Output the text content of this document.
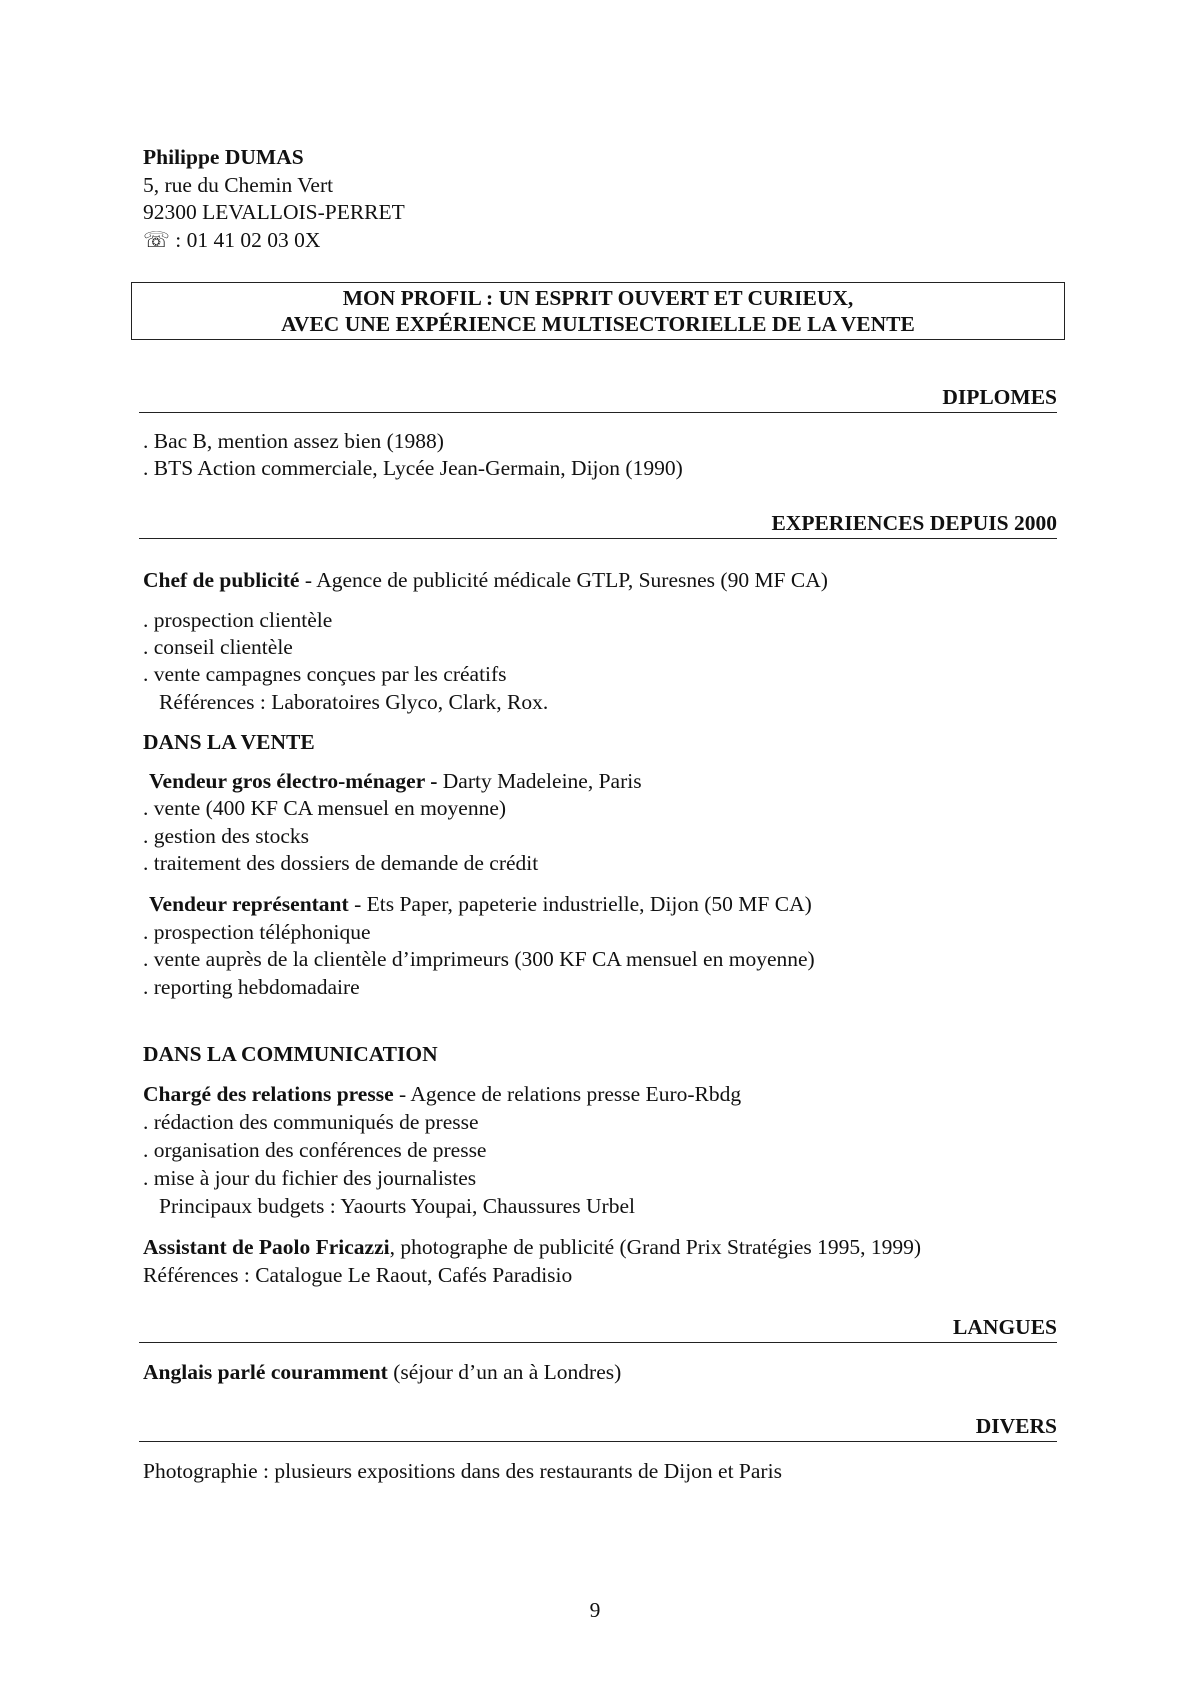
Philippe DUMAS
5, rue du Chemin Vert
92300 LEVALLOIS-PERRET
☏ : 01 41 02 03 0X
MON PROFIL : UN ESPRIT OUVERT ET CURIEUX,
AVEC UNE EXPÉRIENCE MULTISECTORIELLE DE LA VENTE
DIPLOMES
. Bac B, mention assez bien (1988)
. BTS Action commerciale, Lycée Jean-Germain, Dijon (1990)
EXPERIENCES DEPUIS 2000
Chef de publicité - Agence de publicité médicale GTLP, Suresnes (90 MF CA)
. prospection clientèle
. conseil clientèle
. vente campagnes conçues par les créatifs
Références : Laboratoires Glyco, Clark, Rox.
DANS LA VENTE
Vendeur gros électro-ménager - Darty Madeleine, Paris
. vente (400 KF CA mensuel en moyenne)
. gestion des stocks
. traitement des dossiers de demande de crédit
Vendeur représentant - Ets Paper, papeterie industrielle, Dijon (50 MF CA)
. prospection téléphonique
. vente auprès de la clientèle d’imprimeurs (300 KF CA mensuel en moyenne)
. reporting hebdomadaire
DANS LA COMMUNICATION
Chargé des relations presse - Agence de relations presse Euro-Rbdg
. rédaction des communiqués de presse
. organisation des conférences de presse
. mise à jour du fichier des journalistes
Principaux budgets : Yaourts Youpai, Chaussures Urbel
Assistant de Paolo Fricazzi, photographe de publicité (Grand Prix Stratégies 1995, 1999)
Références : Catalogue Le Raout, Cafés Paradisio
LANGUES
Anglais parlé couramment (séjour d’un an à Londres)
DIVERS
Photographie : plusieurs expositions dans des restaurants de Dijon et Paris
9
